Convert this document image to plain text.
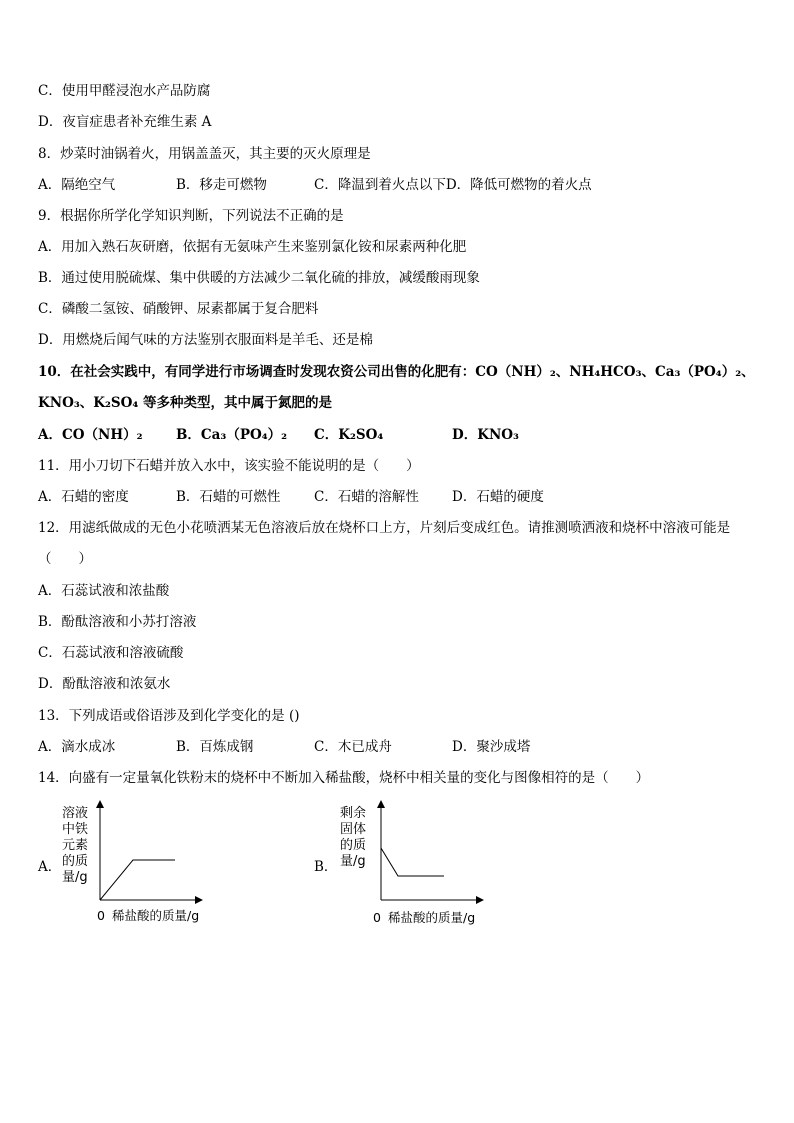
C．使用甲醛浸泡水产品防腐
D．夜盲症患者补充维生素 A
8．炒菜时油锅着火，用锅盖盖灭，其主要的灭火原理是
A．隔绝空气	B．移走可燃物	C．降温到着火点以下D．降低可燃物的着火点
9．根据你所学化学知识判断，下列说法不正确的是
A．用加入熟石灰研磨，依据有无氨味产生来鉴别氯化铵和尿素两种化肥
B．通过使用脱硫煤、集中供暖的方法减少二氧化硫的排放，减缓酸雨现象
C．磷酸二氢铵、硝酸钾、尿素都属于复合肥料
D．用燃烧后闻气味的方法鉴别衣服面料是羊毛、还是棉
10．在社会实践中，有同学进行市场调查时发现农资公司出售的化肥有：CO（NH）₂、NH₄HCO₃、Ca₃（PO₄）₂、
KNO₃、K₂SO₄ 等多种类型，其中属于氮肥的是
A．CO（NH）₂ B．Ca₃（PO₄）₂ C．K₂SO₄	D．KNO₃
11．用小刀切下石蜡并放入水中，该实验不能说明的是（　　）
A．石蜡的密度	B．石蜡的可燃性 C．石蜡的溶解性 D．石蜡的硬度
12．用滤纸做成的无色小花喷洒某无色溶液后放在烧杯口上方，片刻后变成红色。请推测喷洒液和烧杯中溶液可能是
（　　）
A．石蕊试液和浓盐酸
B．酚酞溶液和小苏打溶液
C．石蕊试液和溶液硫酸
D．酚酞溶液和浓氨水
13．下列成语或俗语涉及到化学变化的是 ()
A．滴水成冰	B．百炼成钢	C．木已成舟	D．聚沙成塔
14．向盛有一定量氧化铁粉末的烧杯中不断加入稀盐酸，烧杯中相关量的变化与图像相符的是（　　）
A．
溶液中铁元素的质量/g
0 稀盐酸的质量/g
B．
剩余固体的质量/g
0 稀盐酸的质量/g
